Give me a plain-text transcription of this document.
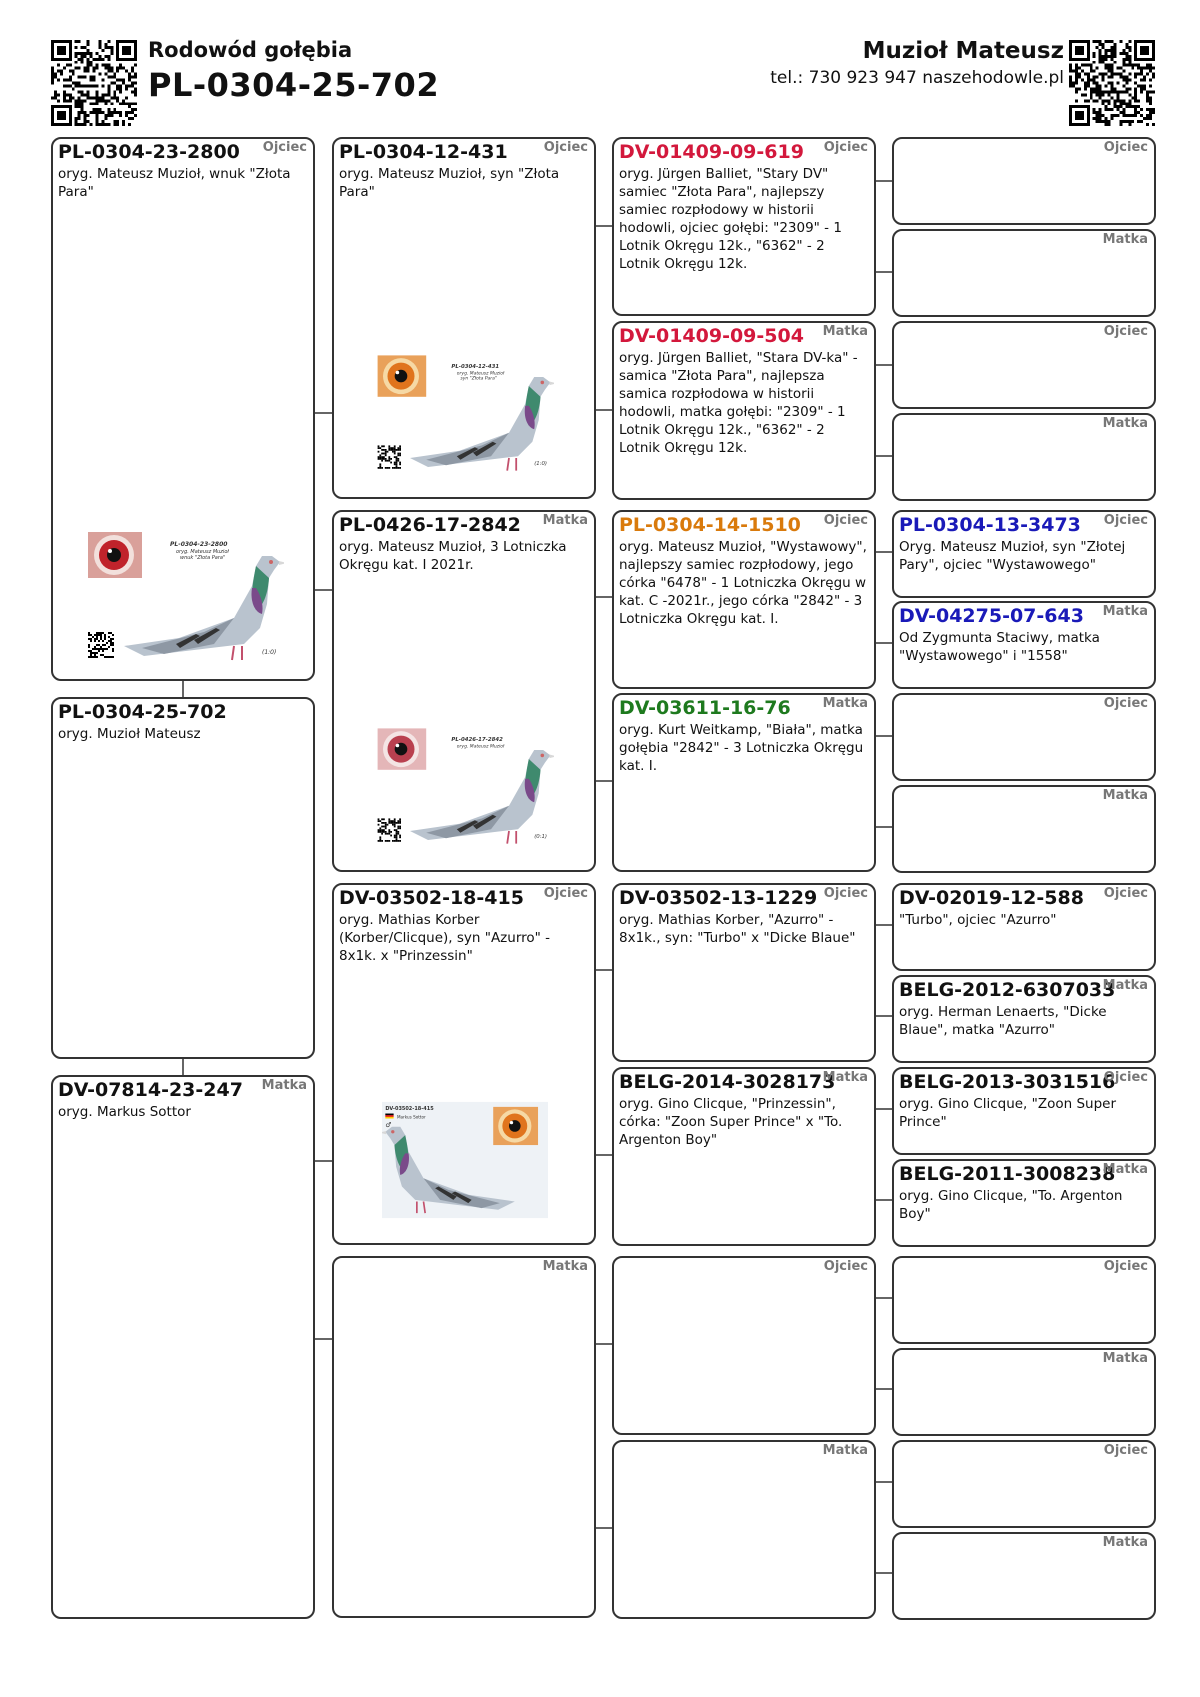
Rodowód gołębia
PL-0304-25-702
Muzioł Mateusz
tel.: 730 923 947 naszehodowle.pl
PL-0304-23-2800 Ojciec
oryg. Mateusz Muzioł, wnuk "Złota Para"
PL-0304-23-2800
oryg. Mateusz Muzioł
wnuk "Złota Para"
(1:0)
PL-0304-25-702
oryg. Muzioł Mateusz
DV-07814-23-247 Matka
oryg. Markus Sottor
PL-0304-12-431	Ojciec
oryg. Mateusz Muzioł, syn "Złota Para"
PL-0304-12-431
oryg. Mateusz Muzioł
syn "Złota Para"
(1:0)
PL-0426-17-2842 Matka
oryg. Mateusz Muzioł, 3 Lotniczka Okręgu kat. I 2021r.
PL-0426-17-2842
oryg. Mateusz Muzioł
(0:1)
DV-03502-18-415 Ojciec
oryg. Mathias Korber (Korber/Clicque), syn "Azurro" - 8x1k. x "Prinzessin"
DV-03502-18-415
Markus Sottor
♂
Matka
DV-01409-09-619 Ojciec
oryg. Jürgen Balliet, "Stary DV" samiec "Złota Para", najlepszy samiec rozpłodowy w historii hodowli, ojciec gołębi: "2309" - 1 Lotnik Okręgu 12k., "6362" - 2 Lotnik Okręgu 12k.
DV-01409-09-504 Matka
oryg. Jürgen Balliet, "Stara DV-ka" - samica "Złota Para", najlepsza samica rozpłodowa w historii hodowli, matka gołębi: "2309" - 1 Lotnik Okręgu 12k., "6362" - 2 Lotnik Okręgu 12k.
PL-0304-14-1510 Ojciec
oryg. Mateusz Muzioł, "Wystawowy", najlepszy samiec rozpłodowy, jego córka "6478" - 1 Lotniczka Okręgu w kat. C -2021r., jego córka "2842" - 3 Lotniczka Okręgu kat. I.
DV-03611-16-76 Matka
oryg. Kurt Weitkamp, "Biała", matka gołębia "2842" - 3 Lotniczka Okręgu kat. I.
DV-03502-13-1229 Ojciec
oryg. Mathias Korber, "Azurro" - 8x1k., syn: "Turbo" x "Dicke Blaue"
BELG-2014-3028173
Matka
oryg. Gino Clicque, "Prinzessin", córka: "Zoon Super Prince" x "To. Argenton Boy"
Ojciec
Matka
Ojciec
Matka
Ojciec
Matka
PL-0304-13-3473 Ojciec
Oryg. Mateusz Muzioł, syn "Złotej Pary", ojciec "Wystawowego"
DV-04275-07-643 Matka
Od Zygmunta Staciwy, matka "Wystawowego" i "1558"
Ojciec
Matka
DV-02019-12-588 Ojciec
"Turbo", ojciec "Azurro"
BELG-2012-6307033
Matka
oryg. Herman Lenaerts, "Dicke Blaue", matka "Azurro"
BELG-2013-3031516
Ojciec
oryg. Gino Clicque, "Zoon Super Prince"
BELG-2011-3008238
Matka
oryg. Gino Clicque, "To. Argenton Boy"
Ojciec
Matka
Ojciec
Matka
